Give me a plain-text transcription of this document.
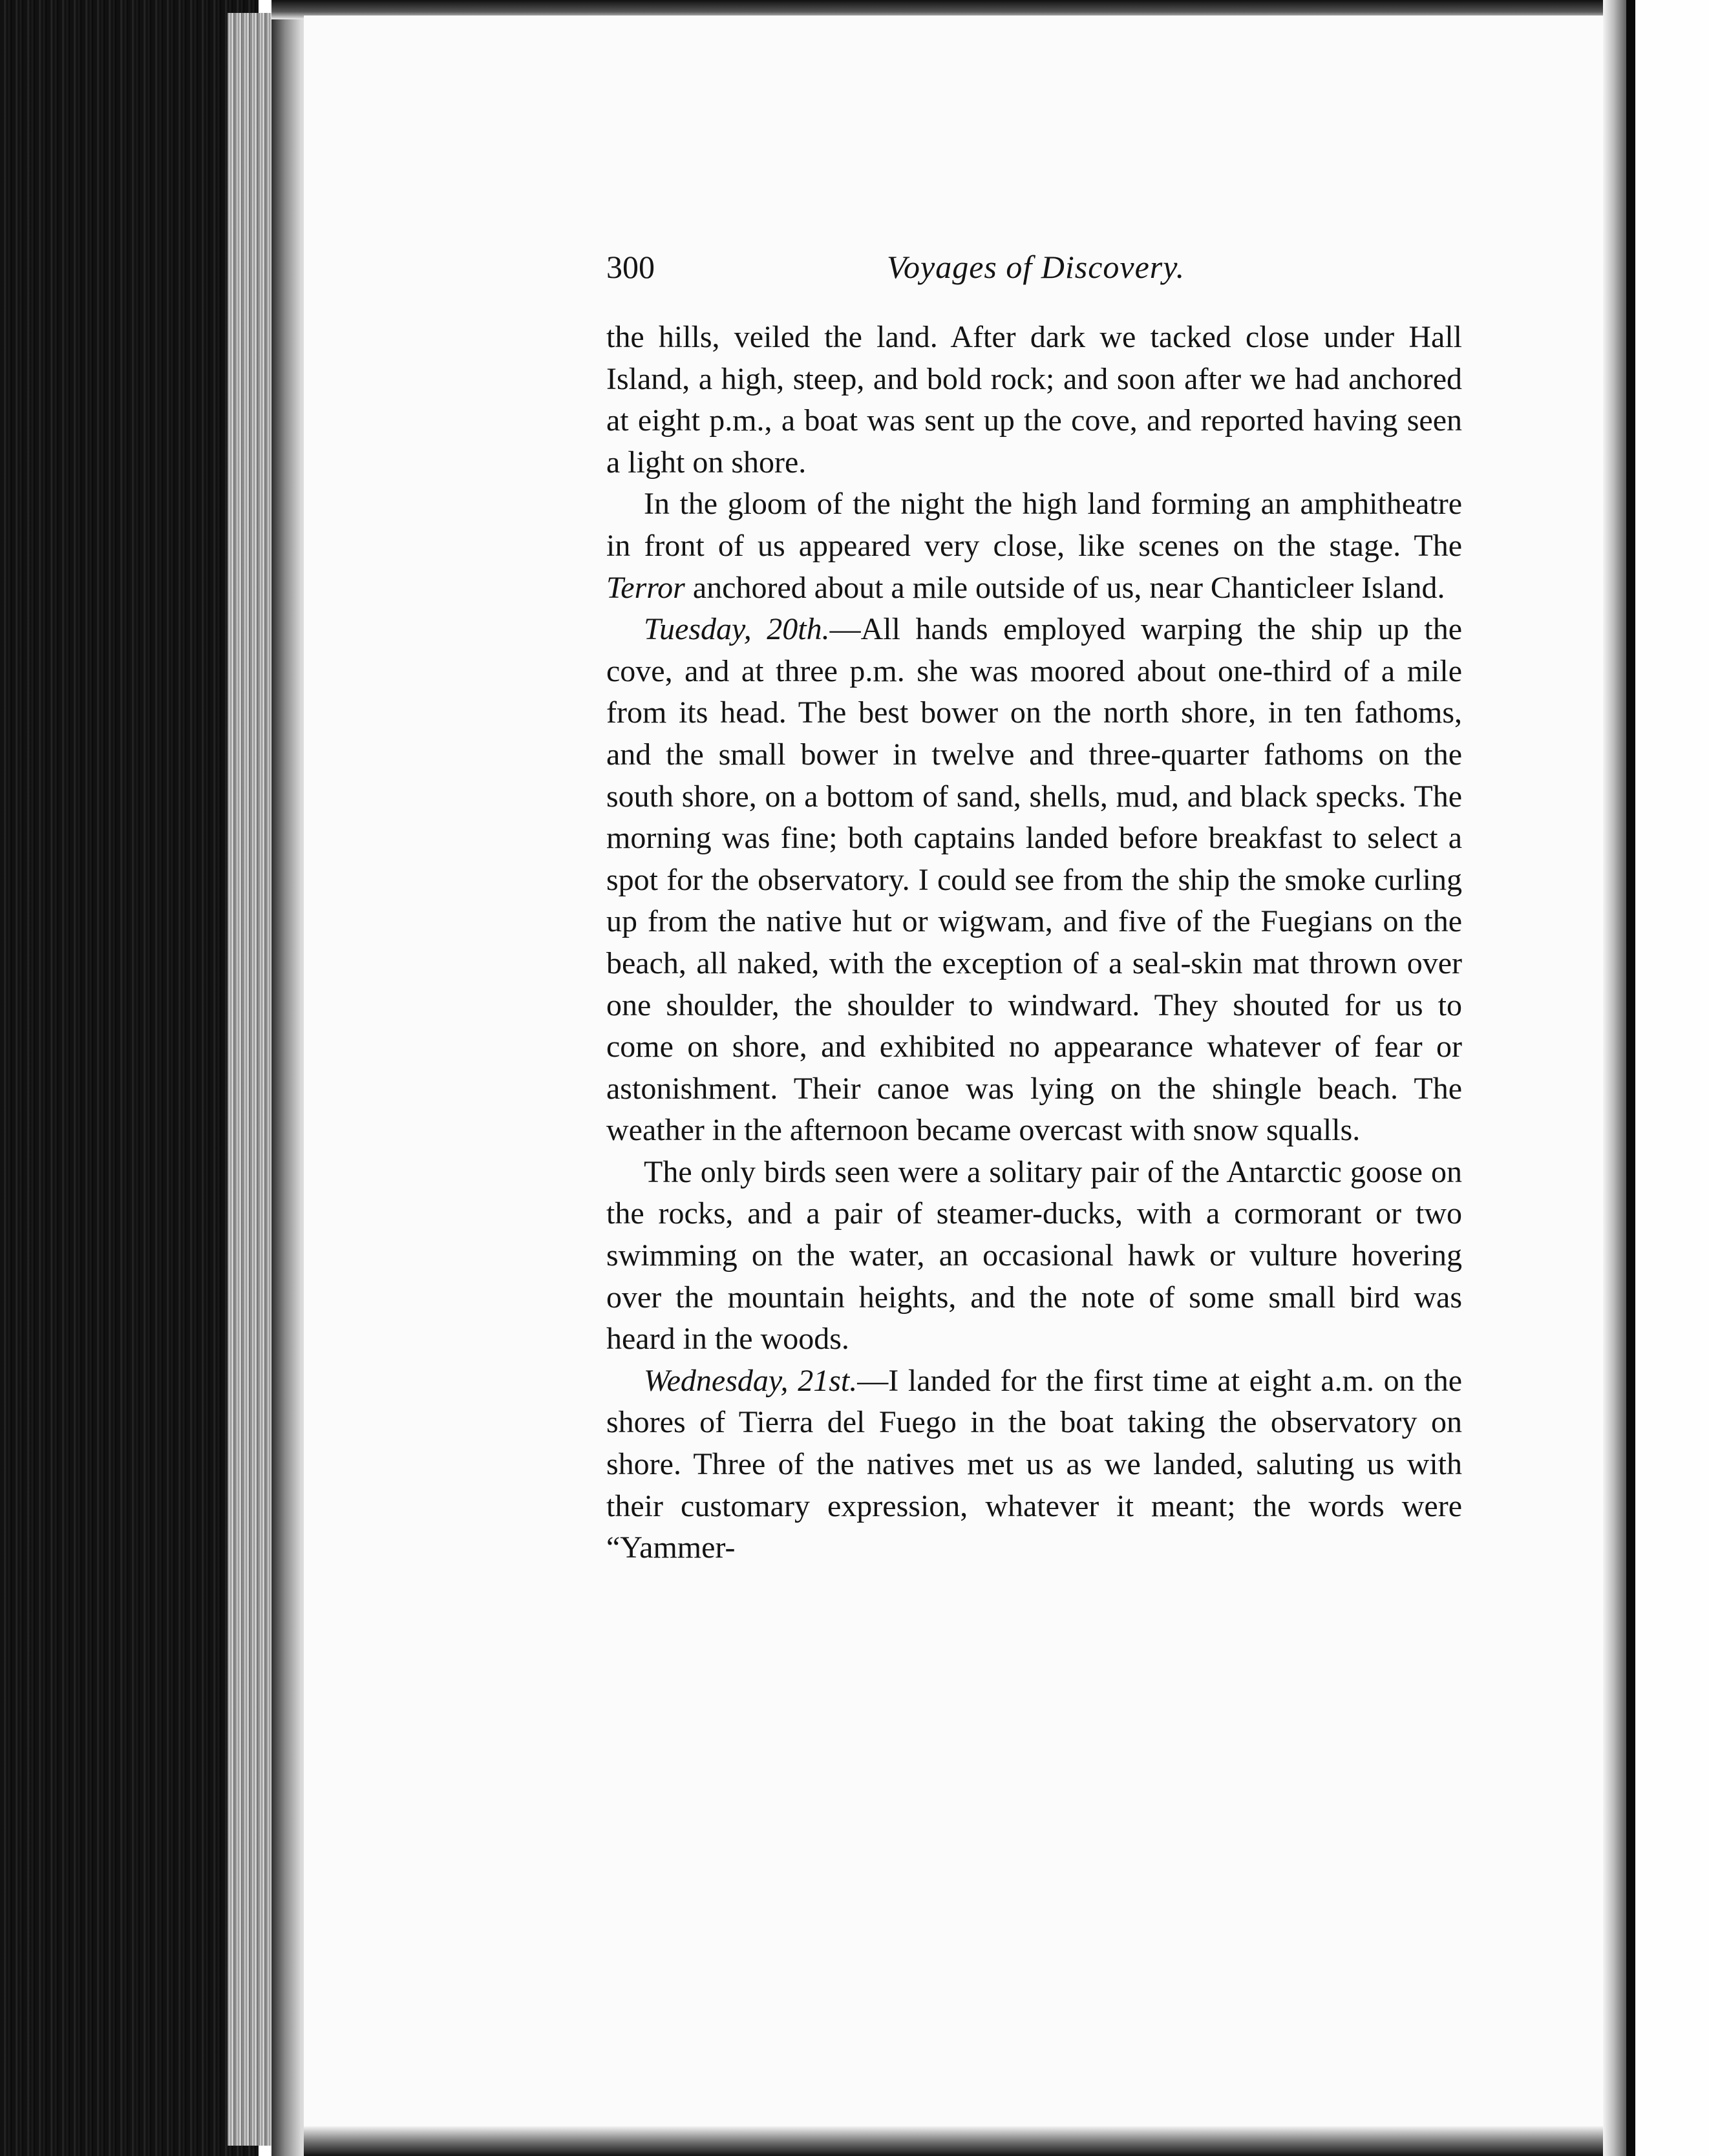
300	Voyages of Discovery.

the hills, veiled the land. After dark we tacked close under Hall Island, a high, steep, and bold rock; and soon after we had anchored at eight p.m., a boat was sent up the cove, and reported having seen a light on shore.

In the gloom of the night the high land forming an amphitheatre in front of us appeared very close, like scenes on the stage. The Terror anchored about a mile outside of us, near Chanticleer Island.

Tuesday, 20th.—All hands employed warping the ship up the cove, and at three p.m. she was moored about one-third of a mile from its head. The best bower on the north shore, in ten fathoms, and the small bower in twelve and three-quarter fathoms on the south shore, on a bottom of sand, shells, mud, and black specks. The morning was fine; both captains landed before breakfast to select a spot for the observatory. I could see from the ship the smoke curling up from the native hut or wigwam, and five of the Fuegians on the beach, all naked, with the exception of a seal-skin mat thrown over one shoulder, the shoulder to windward. They shouted for us to come on shore, and exhibited no appearance whatever of fear or astonishment. Their canoe was lying on the shingle beach. The weather in the afternoon became overcast with snow squalls.

The only birds seen were a solitary pair of the Antarctic goose on the rocks, and a pair of steamer-ducks, with a cormorant or two swimming on the water, an occasional hawk or vulture hovering over the mountain heights, and the note of some small bird was heard in the woods.

Wednesday, 21st.—I landed for the first time at eight a.m. on the shores of Tierra del Fuego in the boat taking the observatory on shore. Three of the natives met us as we landed, saluting us with their customary expression, whatever it meant; the words were “Yammer-
